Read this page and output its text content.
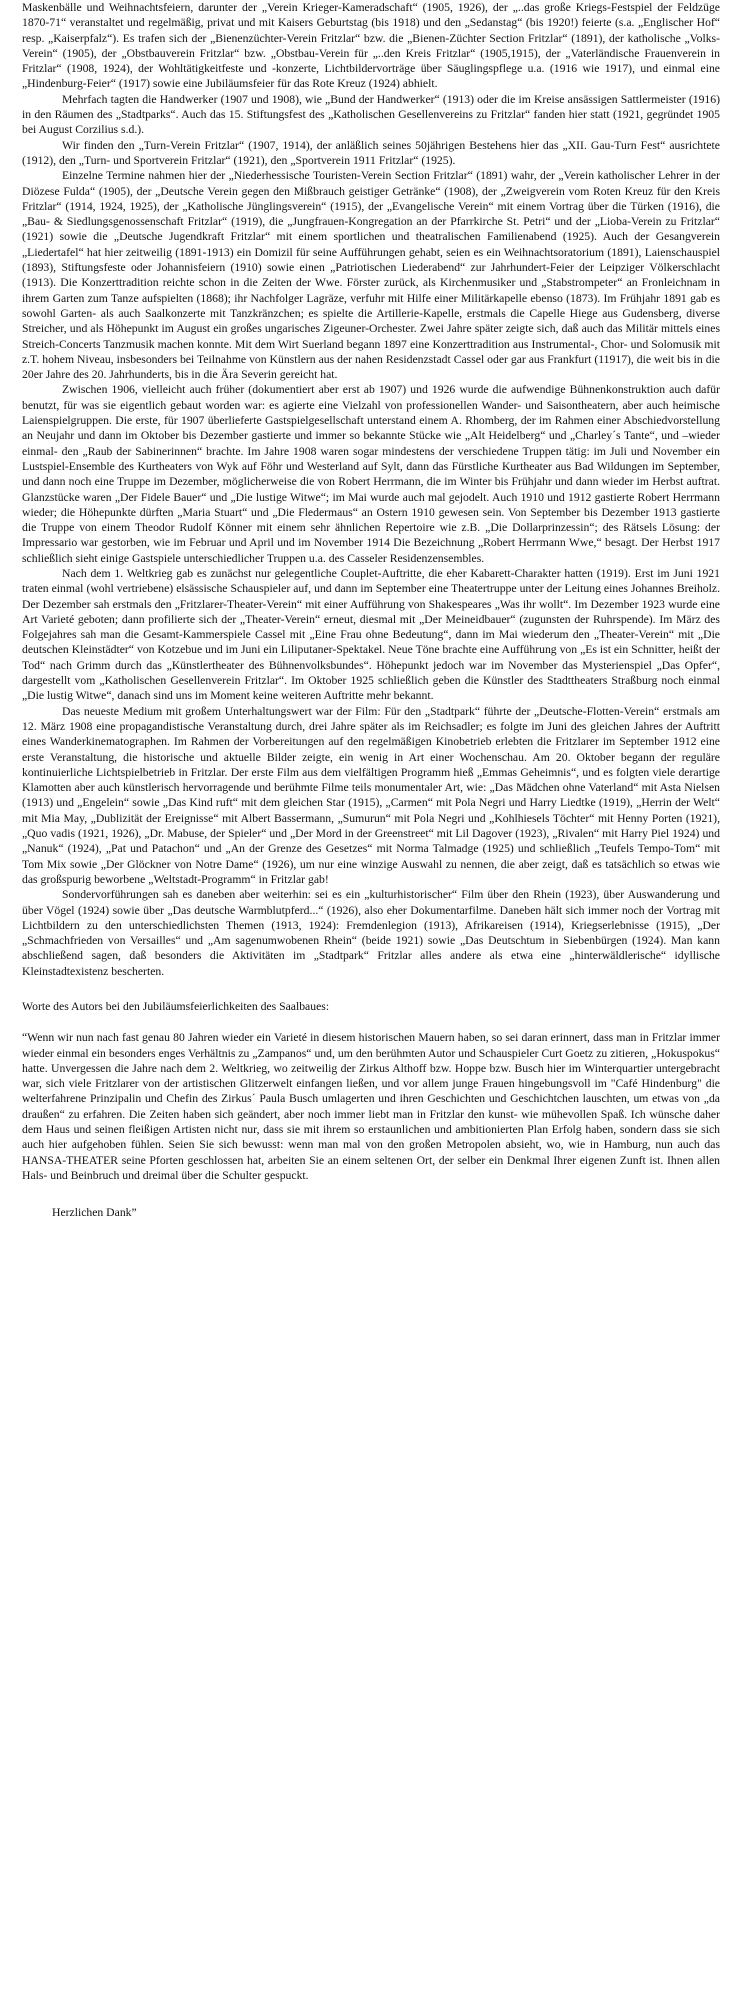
Maskenbälle und Weihnachtsfeiern, darunter der „Verein Krieger-Kameradschaft“ (1905, 1926), der „..das große Kriegs-Festspiel der Feldzüge 1870-71“ veranstaltet und regelmäßig, privat und mit Kaisers Geburtstag (bis 1918) und den „Sedanstag“ (bis 1920!) feierte (s.a. „Englischer Hof“ resp. „Kaiserpfalz“). Es trafen sich der „Bienenzüchter-Verein Fritzlar“ bzw. die „Bienen-Züchter Section Fritzlar“ (1891), der katholische „Volks-Verein“ (1905), der „Obstbauverein Fritzlar“ bzw. „Obstbau-Verein für „..den Kreis Fritzlar“ (1905,1915), der „Vaterländische Frauenverein in Fritzlar“ (1908, 1924), der Wohltätigkeitfeste und -konzerte, Lichtbildervorträge über Säuglingspflege u.a. (1916 wie 1917), und einmal eine „Hindenburg-Feier“ (1917) sowie eine Jubiläumsfeier für das Rote Kreuz (1924) abhielt.

Mehrfach tagten die Handwerker (1907 und 1908), wie „Bund der Handwerker“ (1913) oder die im Kreise ansässigen Sattlermeister (1916) in den Räumen des „Stadtparks“. Auch das 15. Stiftungsfest des „Katholischen Gesellenvereins zu Fritzlar“ fanden hier statt (1921, gegründet 1905 bei August Corzilius s.d.).

Wir finden den „Turn-Verein Fritzlar“ (1907, 1914), der anläßlich seines 50jährigen Bestehens hier das „XII. Gau-Turn Fest“ ausrichtete (1912), den „Turn- und Sportverein Fritzlar“ (1921), den „Sportverein 1911 Fritzlar“ (1925).

Einzelne Termine nahmen hier der „Niederhessische Touristen-Verein Section Fritzlar“ (1891) wahr, der „Verein katholischer Lehrer in der Diözese Fulda“ (1905), der „Deutsche Verein gegen den Mißbrauch geistiger Getränke“ (1908), der „Zweigverein vom Roten Kreuz für den Kreis Fritzlar“ (1914, 1924, 1925), der „Katholische Jünglingsverein“ (1915), der „Evangelische Verein“ mit einem Vortrag über die Türken (1916), die „Bau- & Siedlungsgenossenschaft Fritzlar“ (1919), die „Jungfrauen-Kongregation an der Pfarrkirche St. Petri“ und der „Lioba-Verein zu Fritzlar“ (1921) sowie die „Deutsche Jugendkraft Fritzlar“ mit einem sportlichen und theatralischen Familienabend (1925). Auch der Gesangverein „Liedertafel“ hat hier zeitweilig (1891-1913) ein Domizil für seine Aufführungen gehabt, seien es ein Weihnachtsoratorium (1891), Laienschauspiel (1893), Stiftungsfeste oder Johannisfeiern (1910) sowie einen „Patriotischen Liederabend“ zur Jahrhundert-Feier der Leipziger Völkerschlacht (1913). Die Konzerttradition reichte schon in die Zeiten der Wwe. Förster zurück, als Kirchenmusiker und „Stabstrompeter“ an Fronleichnam in ihrem Garten zum Tanze aufspielten (1868); ihr Nachfolger Lagräze, verfuhr mit Hilfe einer Militärkapelle ebenso (1873). Im Frühjahr 1891 gab es sowohl Garten- als auch Saalkonzerte mit Tanzkränzchen; es spielte die Artillerie-Kapelle, erstmals die Capelle Hiege aus Gudensberg, diverse Streicher, und als Höhepunkt im August ein großes ungarisches Zigeuner-Orchester. Zwei Jahre später zeigte sich, daß auch das Militär mittels eines Streich-Concerts Tanzmusik machen konnte. Mit dem Wirt Suerland begann 1897 eine Konzerttradition aus Instrumental-, Chor- und Solomusik mit z.T. hohem Niveau, insbesonders bei Teilnahme von Künstlern aus der nahen Residenzstadt Cassel oder gar aus Frankfurt (11917), die weit bis in die 20er Jahre des 20. Jahrhunderts, bis in die Ära Severin gereicht hat.

Zwischen 1906, vielleicht auch früher (dokumentiert aber erst ab 1907) und 1926 wurde die aufwendige Bühnenkonstruktion auch dafür benutzt, für was sie eigentlich gebaut worden war: es agierte eine Vielzahl von professionellen Wander- und Saisontheatern, aber auch heimische Laienspielgruppen. Die erste, für 1907 überlieferte Gastspielgesellschaft unterstand einem A. Rhomberg, der im Rahmen einer Abschiedvorstellung an Neujahr und dann im Oktober bis Dezember gastierte und immer so bekannte Stücke wie „Alt Heidelberg“ und „Charley´s Tante“, und –wieder einmal- den „Raub der Sabinerinnen“ brachte. Im Jahre 1908 waren sogar mindestens der verschiedene Truppen tätig: im Juli und November ein Lustspiel-Ensemble des Kurtheaters von Wyk auf Föhr und Westerland auf Sylt, dann das Fürstliche Kurtheater aus Bad Wildungen im September, und dann noch eine Truppe im Dezember, möglicherweise die von Robert Herrmann, die im Winter bis Frühjahr und dann wieder im Herbst auftrat. Glanzstücke waren „Der Fidele Bauer“ und „Die lustige Witwe“; im Mai wurde auch mal gejodelt. Auch 1910 und 1912 gastierte Robert Herrmann wieder; die Höhepunkte dürften „Maria Stuart“ und „Die Fledermaus“ an Ostern 1910 gewesen sein. Von September bis Dezember 1913 gastierte die Truppe von einem Theodor Rudolf Könner mit einem sehr ähnlichen Repertoire wie z.B. „Die Dollarprinzessin“; des Rätsels Lösung: der Impressario war gestorben, wie im Februar und April und im November 1914 Die Bezeichnung „Robert Herrmann Wwe,“ besagt. Der Herbst 1917 schließlich sieht einige Gastspiele unterschiedlicher Truppen u.a. des Casseler Residenzensembles.

Nach dem 1. Weltkrieg gab es zunächst nur gelegentliche Couplet-Auftritte, die eher Kabarett-Charakter hatten (1919). Erst im Juni 1921 traten einmal (wohl vertriebene) elsässische Schauspieler auf, und dann im September eine Theatertruppe unter der Leitung eines Johannes Breiholz. Der Dezember sah erstmals den „Fritzlarer-Theater-Verein“ mit einer Aufführung von Shakespeares „Was ihr wollt“. Im Dezember 1923 wurde eine Art Varieté geboten; dann profilierte sich der „Theater-Verein“ erneut, diesmal mit „Der Meineidbauer“ (zugunsten der Ruhrspende). Im März des Folgejahres sah man die Gesamt-Kammerspiele Cassel mit „Eine Frau ohne Bedeutung“, dann im Mai wiederum den „Theater-Verein“ mit „Die deutschen Kleinstädter“ von Kotzebue und im Juni ein Liliputaner-Spektakel. Neue Töne brachte eine Aufführung von „Es ist ein Schnitter, heißt der Tod“ nach Grimm durch das „Künstlertheater des Bühnenvolksbundes“. Höhepunkt jedoch war im November das Mysterienspiel „Das Opfer“, dargestellt vom „Katholischen Gesellenverein Fritzlar“. Im Oktober 1925 schließlich geben die Künstler des Stadttheaters Straßburg noch einmal „Die lustig Witwe“, danach sind uns im Moment keine weiteren Auftritte mehr bekannt.

Das neueste Medium mit großem Unterhaltungswert war der Film: Für den „Stadtpark“ führte der „Deutsche-Flotten-Verein“ erstmals am 12. März 1908 eine propagandistische Veranstaltung durch, drei Jahre später als im Reichsadler; es folgte im Juni des gleichen Jahres der Auftritt eines Wanderkinematographen. Im Rahmen der Vorbereitungen auf den regelmäßigen Kinobetrieb erlebten die Fritzlarer im September 1912 eine erste Veranstaltung, die historische und aktuelle Bilder zeigte, ein wenig in Art einer Wochenschau. Am 20. Oktober begann der reguläre kontinuierliche Lichtspielbetrieb in Fritzlar. Der erste Film aus dem vielfältigen Programm hieß „Emmas Geheimnis“, und es folgten viele derartige Klamotten aber auch künstlerisch hervorragende und berühmte Filme teils monumentaler Art, wie: „Das Mädchen ohne Vaterland“ mit Asta Nielsen (1913) und „Engelein“ sowie „Das Kind ruft“ mit dem gleichen Star (1915), „Carmen“ mit Pola Negri und Harry Liedtke (1919), „Herrin der Welt“ mit Mia May, „Dublizität der Ereignisse“ mit Albert Bassermann, „Sumurun“ mit Pola Negri und „Kohlhiesels Töchter“ mit Henny Porten (1921), „Quo vadis (1921, 1926), „Dr. Mabuse, der Spieler“ und „Der Mord in der Greenstreet“ mit Lil Dagover (1923), „Rivalen“ mit Harry Piel 1924) und „Nanuk“ (1924), „Pat und Patachon“ und „An der Grenze des Gesetzes“ mit Norma Talmadge (1925) und schließlich „Teufels Tempo-Tom“ mit Tom Mix sowie „Der Glöckner von Notre Dame“ (1926), um nur eine winzige Auswahl zu nennen, die aber zeigt, daß es tatsächlich so etwas wie das großspurig beworbene „Weltstadt-Programm“ in Fritzlar gab!

Sondervorführungen sah es daneben aber weiterhin: sei es ein „kulturhistorischer“ Film über den Rhein (1923), über Auswanderung und über Vögel (1924) sowie über „Das deutsche Warmblutpferd...“ (1926), also eher Dokumentarfilme. Daneben hält sich immer noch der Vortrag mit Lichtbildern zu den unterschiedlichsten Themen (1913, 1924): Fremdenlegion (1913), Afrikareisen (1914), Kriegserlebnisse (1915), „Der „Schmachfrieden von Versailles“ und „Am sagenumwobenen Rhein“ (beide 1921) sowie „Das Deutschtum in Siebenbürgen (1924). Man kann abschließend sagen, daß besonders die Aktivitäten im „Stadtpark“ Fritzlar alles andere als etwa eine „hinterwäldlerische“ idyllische Kleinstadtexistenz bescherten.

Worte des Autors bei den Jubiläumsfeierlichkeiten des Saalbaues:

“Wenn wir nun nach fast genau 80 Jahren wieder ein Varieté in diesem historischen Mauern haben, so sei daran erinnert, dass man in Fritzlar immer wieder einmal ein besonders enges Verhältnis zu „Zampanos“ und, um den berühmten Autor und Schauspieler Curt Goetz zu zitieren, „Hokuspokus“ hatte. Unvergessen die Jahre nach dem 2. Weltkrieg, wo zeitweilig der Zirkus Althoff bzw. Hoppe bzw. Busch hier im Winterquartier untergebracht war, sich viele Fritzlarer von der artistischen Glitzerwelt einfangen ließen, und vor allem junge Frauen hingebungsvoll im "Café Hindenburg" die welterfahrene Prinzipalin und Chefin des Zirkus´ Paula Busch umlagerten und ihren Geschichten und Geschichtchen lauschten, um etwas von „da draußen“ zu erfahren. Die Zeiten haben sich geändert, aber noch immer liebt man in Fritzlar den kunst- wie mühevollen Spaß. Ich wünsche daher dem Haus und seinen fleißigen Artisten nicht nur, dass sie mit ihrem so erstaunlichen und ambitionierten Plan Erfolg haben, sondern dass sie sich auch hier aufgehoben fühlen. Seien Sie sich bewusst: wenn man mal von den großen Metropolen absieht, wo, wie in Hamburg, nun auch das HANSA-THEATER seine Pforten geschlossen hat, arbeiten Sie an einem seltenen Ort, der selber ein Denkmal Ihrer eigenen Zunft ist. Ihnen allen Hals- und Beinbruch und dreimal über die Schulter gespuckt.

Herzlichen Dank”
